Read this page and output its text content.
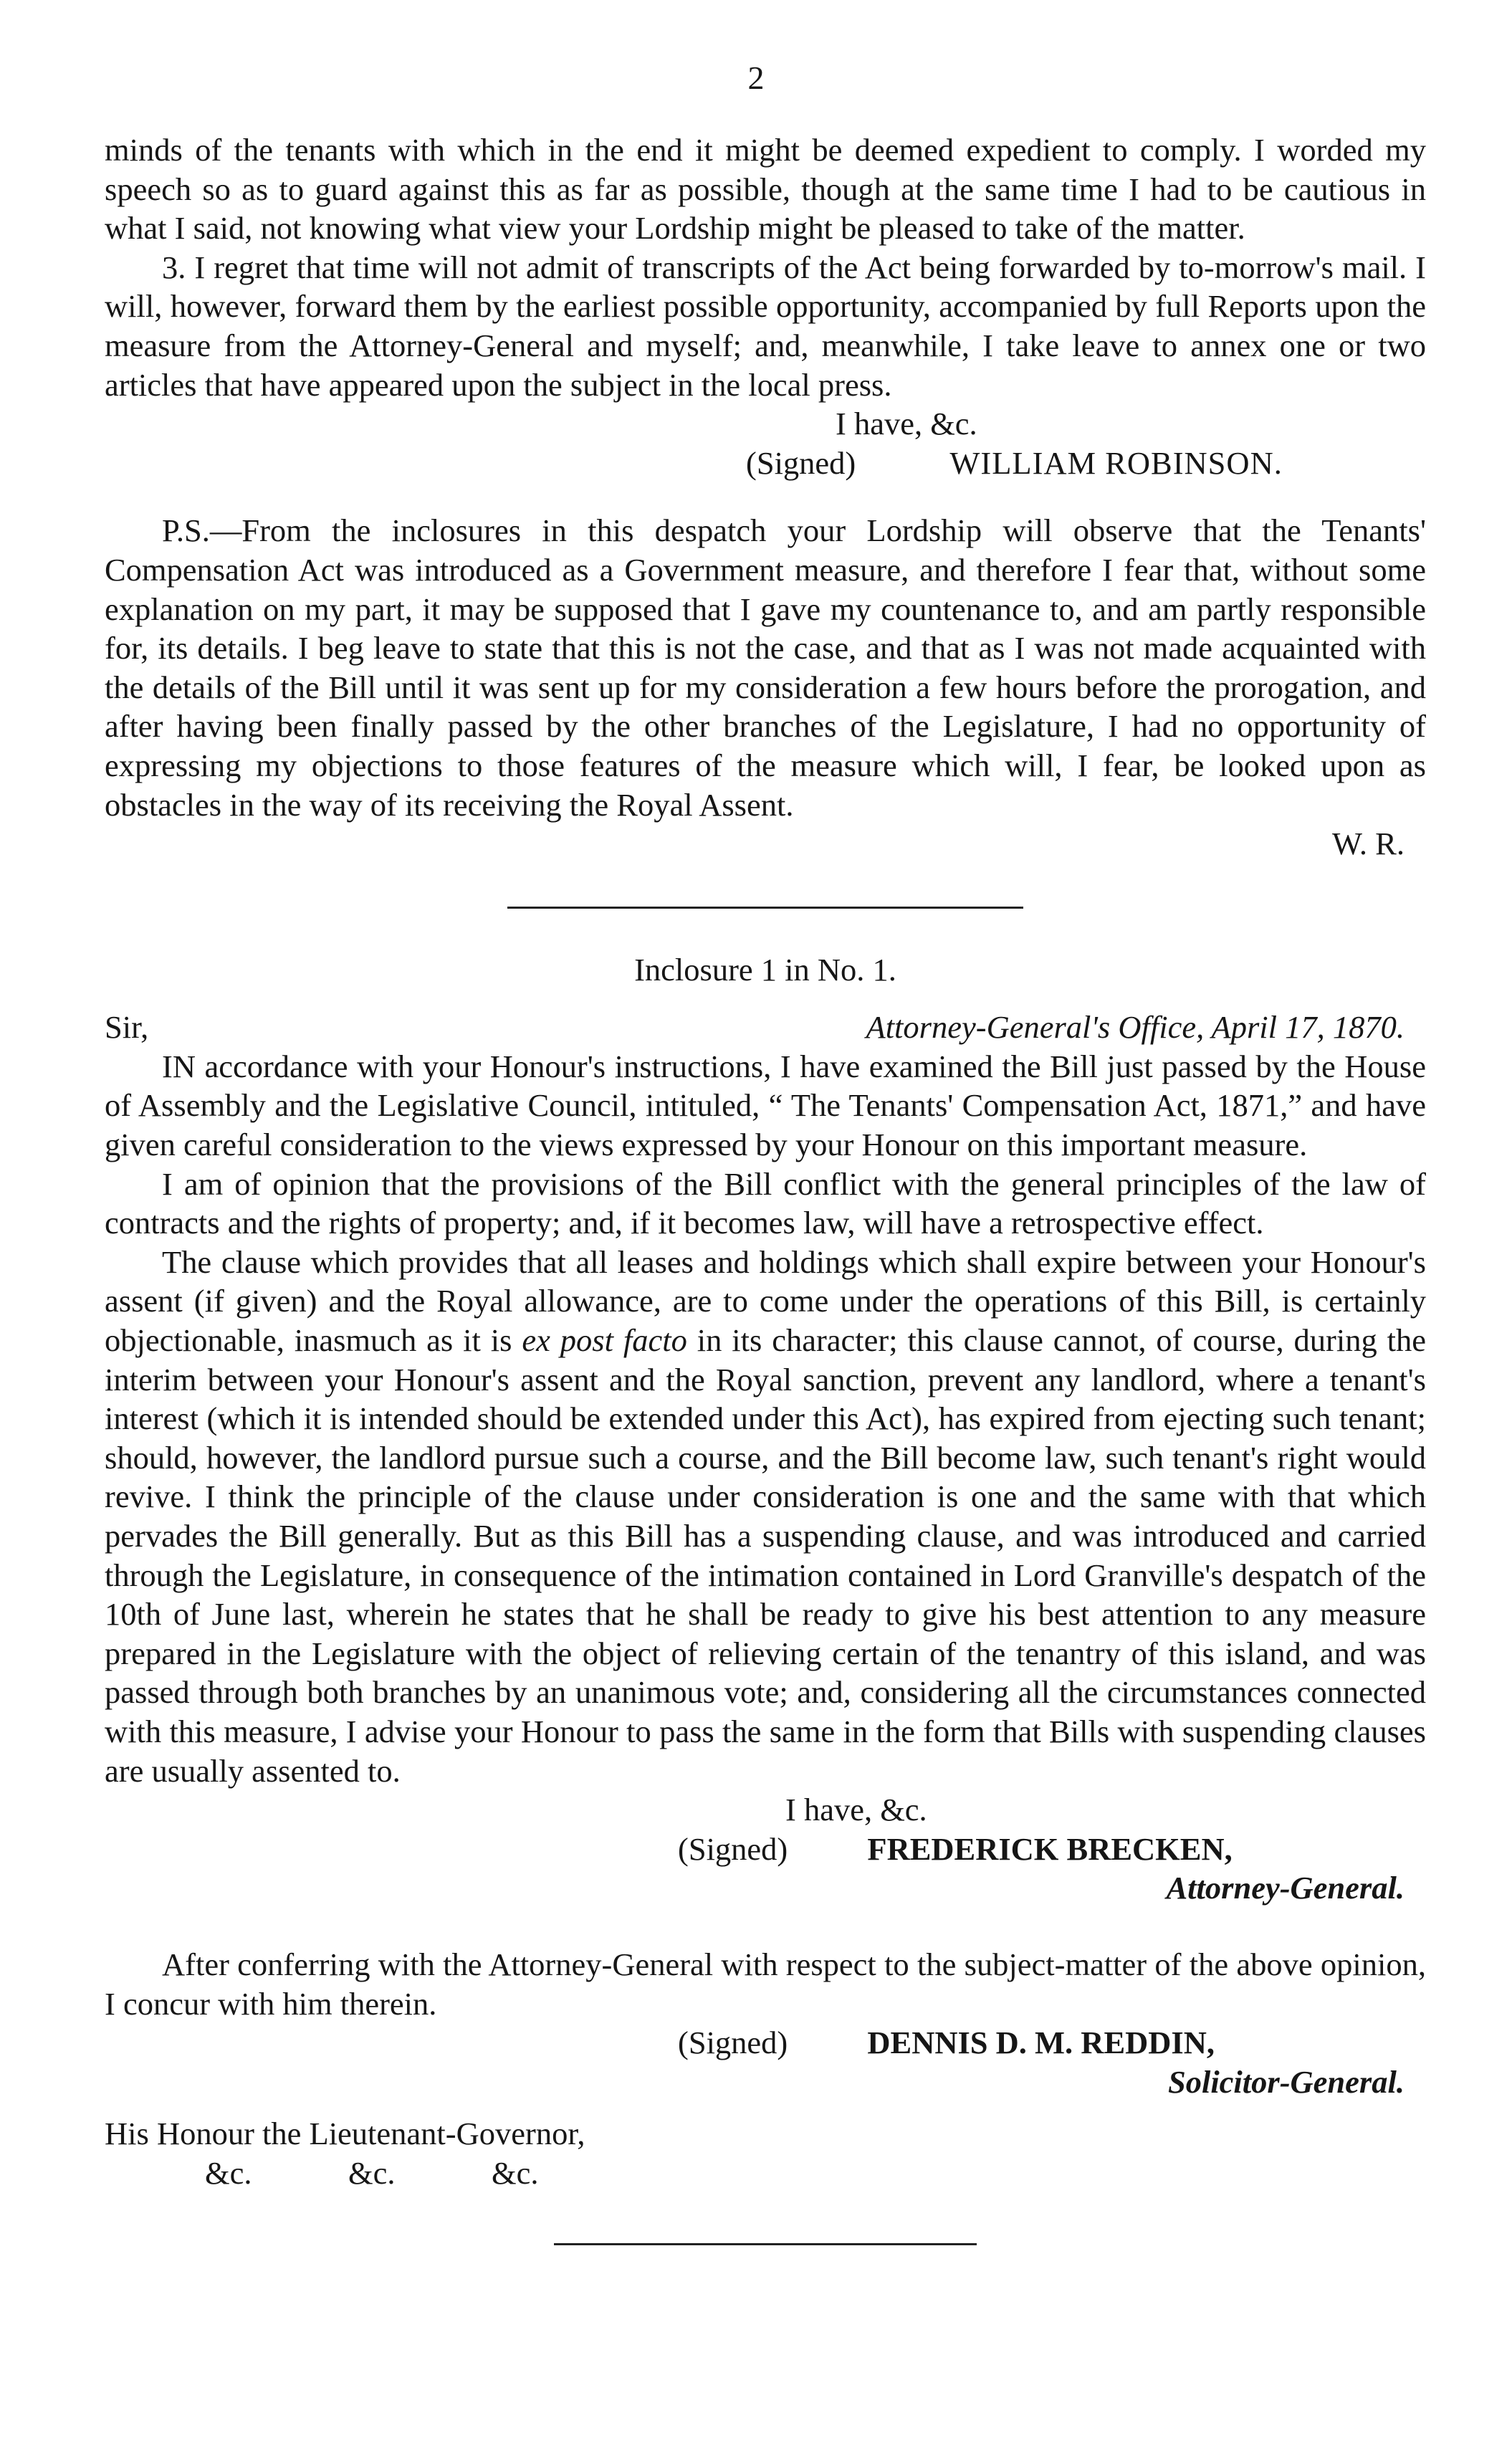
2

minds of the tenants with which in the end it might be deemed expedient to comply. I worded my speech so as to guard against this as far as possible, though at the same time I had to be cautious in what I said, not knowing what view your Lordship might be pleased to take of the matter.

3. I regret that time will not admit of transcripts of the Act being forwarded by to-morrow's mail. I will, however, forward them by the earliest possible opportunity, accompanied by full Reports upon the measure from the Attorney-General and myself; and, meanwhile, I take leave to annex one or two articles that have appeared upon the subject in the local press.

I have, &c.

(Signed)	WILLIAM ROBINSON.

P.S.—From the inclosures in this despatch your Lordship will observe that the Tenants' Compensation Act was introduced as a Government measure, and therefore I fear that, without some explanation on my part, it may be supposed that I gave my countenance to, and am partly responsible for, its details. I beg leave to state that this is not the case, and that as I was not made acquainted with the details of the Bill until it was sent up for my consideration a few hours before the prorogation, and after having been finally passed by the other branches of the Legislature, I had no opportunity of expressing my objections to those features of the measure which will, I fear, be looked upon as obstacles in the way of its receiving the Royal Assent.

W. R.

Inclosure 1 in No. 1.

Sir,	Attorney-General's Office, April 17, 1870.

IN accordance with your Honour's instructions, I have examined the Bill just passed by the House of Assembly and the Legislative Council, intituled, “ The Tenants' Compensation Act, 1871,” and have given careful consideration to the views expressed by your Honour on this important measure.

I am of opinion that the provisions of the Bill conflict with the general principles of the law of contracts and the rights of property; and, if it becomes law, will have a retrospective effect.

The clause which provides that all leases and holdings which shall expire between your Honour's assent (if given) and the Royal allowance, are to come under the operations of this Bill, is certainly objectionable, inasmuch as it is ex post facto in its character; this clause cannot, of course, during the interim between your Honour's assent and the Royal sanction, prevent any landlord, where a tenant's interest (which it is intended should be extended under this Act), has expired from ejecting such tenant; should, however, the landlord pursue such a course, and the Bill become law, such tenant's right would revive. I think the principle of the clause under consideration is one and the same with that which pervades the Bill generally. But as this Bill has a suspending clause, and was introduced and carried through the Legislature, in consequence of the intimation contained in Lord Granville's despatch of the 10th of June last, wherein he states that he shall be ready to give his best attention to any measure prepared in the Legislature with the object of relieving certain of the tenantry of this island, and was passed through both branches by an unanimous vote; and, considering all the circumstances connected with this measure, I advise your Honour to pass the same in the form that Bills with suspending clauses are usually assented to.

I have, &c.

(Signed) FREDERICK BRECKEN,

Attorney-General.

After conferring with the Attorney-General with respect to the subject-matter of the above opinion, I concur with him therein.

(Signed) DENNIS D. M. REDDIN,

Solicitor-General.

His Honour the Lieutenant-Governor,

&c.	&c.	&c.
